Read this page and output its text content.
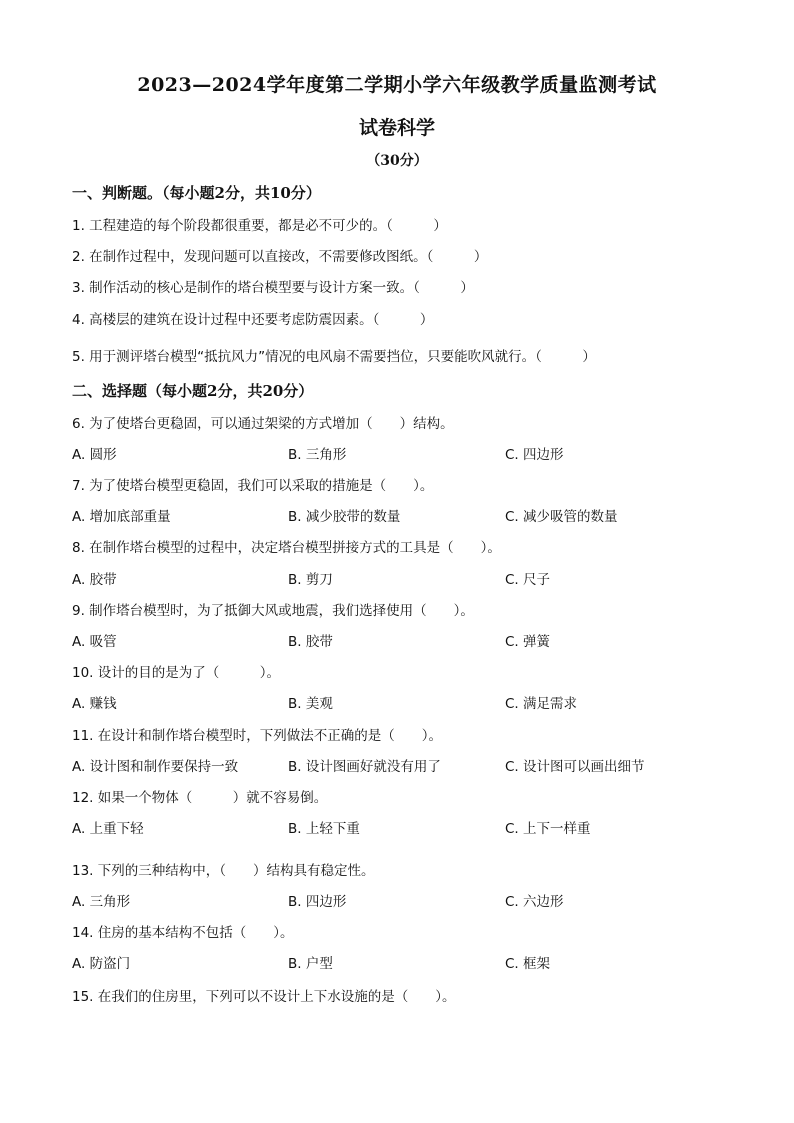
2023—2024学年度第二学期小学六年级教学质量监测考试
试卷科学
（30分）
一、判断题。（每小题2分，共10分）
1. 工程建造的每个阶段都很重要，都是必不可少的。（　　　）
2. 在制作过程中，发现问题可以直接改，不需要修改图纸。（　　　）
3. 制作活动的核心是制作的塔台模型要与设计方案一致。（　　　）
4. 高楼层的建筑在设计过程中还要考虑防震因素。（　　　）
5. 用于测评塔台模型“抵抗风力”情况的电风扇不需要挡位，只要能吹风就行。（　　　）
二、选择题（每小题2分，共20分）
6. 为了使塔台更稳固，可以通过架梁的方式增加（　　）结构。
A. 圆形	B. 三角形	C. 四边形
7. 为了使塔台模型更稳固，我们可以采取的措施是（　　）。
A. 增加底部重量	B. 减少胶带的数量	C. 减少吸管的数量
8. 在制作塔台模型的过程中，决定塔台模型拼接方式的工具是（　　）。
A. 胶带	B. 剪刀	C. 尺子
9. 制作塔台模型时，为了抵御大风或地震，我们选择使用（　　）。
A. 吸管	B. 胶带	C. 弹簧
10. 设计的目的是为了（　　　）。
A. 赚钱	B. 美观	C. 满足需求
11. 在设计和制作塔台模型时，下列做法不正确的是（　　）。
A. 设计图和制作要保持一致	B. 设计图画好就没有用了	C. 设计图可以画出细节
12. 如果一个物体（　　　）就不容易倒。
A. 上重下轻	B. 上轻下重	C. 上下一样重
13. 下列的三种结构中，（　　）结构具有稳定性。
A. 三角形	B. 四边形	C. 六边形
14. 住房的基本结构不包括（　　）。
A. 防盗门	B. 户型	C. 框架
15. 在我们的住房里，下列可以不设计上下水设施的是（　　）。
